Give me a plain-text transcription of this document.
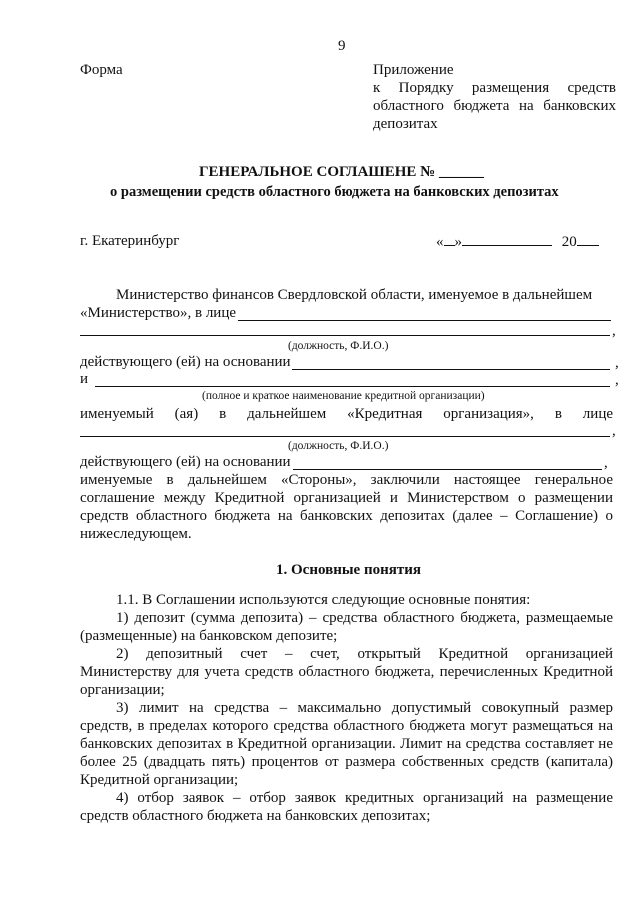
9
Форма	Приложение
к Порядку размещения средств
областного бюджета на банковских
депозитах
ГЕНЕРАЛЬНОЕ СОГЛАШЕНЕ № ______
о размещении средств областного бюджета на банковских депозитах
г. Екатеринбург	« »	20
Министерство финансов Свердловской области, именуемое в дальнейшем
«Министерство», в лице
,
(должность, Ф.И.О.)
действующего (ей) на основании	,
и	,
(полное и краткое наименование кредитной организации)
именуемый (ая) в дальнейшем «Кредитная организация», в лице
,
(должность, Ф.И.О.)
действующего (ей) на основании	,
именуемые в дальнейшем «Стороны», заключили настоящее генеральное
соглашение между Кредитной организацией и Министерством о размещении
средств областного бюджета на банковских депозитах (далее – Соглашение) о
нижеследующем.
1. Основные понятия
1.1. В Соглашении используются следующие основные понятия:
1) депозит (сумма депозита) – средства областного бюджета, размещаемые
(размещенные) на банковском депозите;
2) депозитный счет – счет, открытый Кредитной организацией
Министерству для учета средств областного бюджета, перечисленных Кредитной
организации;
3) лимит на средства – максимально допустимый совокупный размер
средств, в пределах которого средства областного бюджета могут размещаться на
банковских депозитах в Кредитной организации. Лимит на средства составляет не
более 25 (двадцать пять) процентов от размера собственных средств (капитала)
Кредитной организации;
4) отбор заявок – отбор заявок кредитных организаций на размещение
средств областного бюджета на банковских депозитах;
